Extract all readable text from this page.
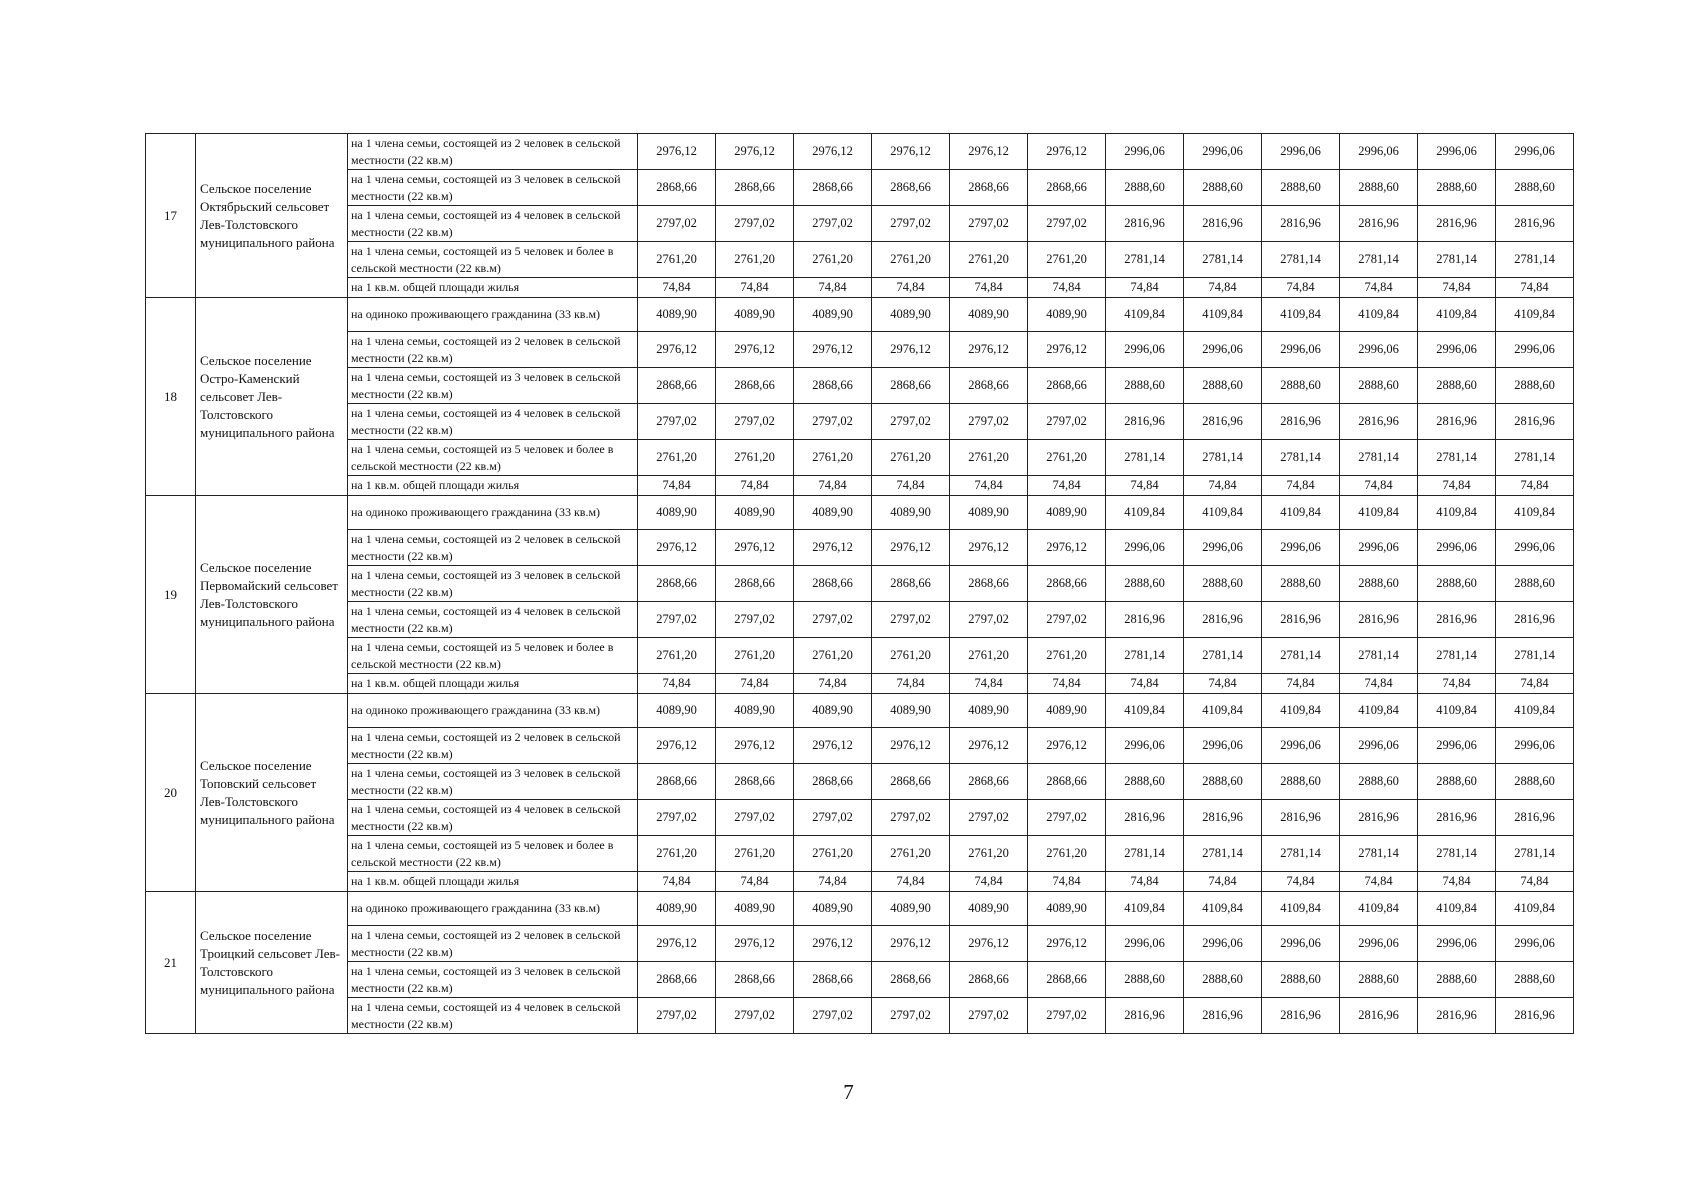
17	Сельское поселение Октябрьский сельсовет Лев-Толстовского муниципального района	на 1 члена семьи, состоящей из 2 человек в сельской местности (22 кв.м)	2976,12	2976,12	2976,12	2976,12	2976,12	2976,12	2996,06	2996,06	2996,06	2996,06	2996,06	2996,06
		на 1 члена семьи, состоящей из 3 человек в сельской местности (22 кв.м)	2868,66	2868,66	2868,66	2868,66	2868,66	2868,66	2888,60	2888,60	2888,60	2888,60	2888,60	2888,60
		на 1 члена семьи, состоящей из 4 человек в сельской местности (22 кв.м)	2797,02	2797,02	2797,02	2797,02	2797,02	2797,02	2816,96	2816,96	2816,96	2816,96	2816,96	2816,96
		на 1 члена семьи, состоящей из 5 человек и более в сельской местности (22 кв.м)	2761,20	2761,20	2761,20	2761,20	2761,20	2761,20	2781,14	2781,14	2781,14	2781,14	2781,14	2781,14
		на 1 кв.м. общей площади жилья	74,84	74,84	74,84	74,84	74,84	74,84	74,84	74,84	74,84	74,84	74,84	74,84
18	Сельское поселение Остро-Каменский сельсовет Лев-Толстовского муниципального района	на одиноко проживающего гражданина (33 кв.м)	4089,90	4089,90	4089,90	4089,90	4089,90	4089,90	4109,84	4109,84	4109,84	4109,84	4109,84	4109,84
		на 1 члена семьи, состоящей из 2 человек в сельской местности (22 кв.м)	2976,12	2976,12	2976,12	2976,12	2976,12	2976,12	2996,06	2996,06	2996,06	2996,06	2996,06	2996,06
		на 1 члена семьи, состоящей из 3 человек в сельской местности (22 кв.м)	2868,66	2868,66	2868,66	2868,66	2868,66	2868,66	2888,60	2888,60	2888,60	2888,60	2888,60	2888,60
		на 1 члена семьи, состоящей из 4 человек в сельской местности (22 кв.м)	2797,02	2797,02	2797,02	2797,02	2797,02	2797,02	2816,96	2816,96	2816,96	2816,96	2816,96	2816,96
		на 1 члена семьи, состоящей из 5 человек и более в сельской местности (22 кв.м)	2761,20	2761,20	2761,20	2761,20	2761,20	2761,20	2781,14	2781,14	2781,14	2781,14	2781,14	2781,14
		на 1 кв.м. общей площади жилья	74,84	74,84	74,84	74,84	74,84	74,84	74,84	74,84	74,84	74,84	74,84	74,84
19	Сельское поселение Первомайский сельсовет Лев-Толстовского муниципального района	на одиноко проживающего гражданина (33 кв.м)	4089,90	4089,90	4089,90	4089,90	4089,90	4089,90	4109,84	4109,84	4109,84	4109,84	4109,84	4109,84
		на 1 члена семьи, состоящей из 2 человек в сельской местности (22 кв.м)	2976,12	2976,12	2976,12	2976,12	2976,12	2976,12	2996,06	2996,06	2996,06	2996,06	2996,06	2996,06
		на 1 члена семьи, состоящей из 3 человек в сельской местности (22 кв.м)	2868,66	2868,66	2868,66	2868,66	2868,66	2868,66	2888,60	2888,60	2888,60	2888,60	2888,60	2888,60
		на 1 члена семьи, состоящей из 4 человек в сельской местности (22 кв.м)	2797,02	2797,02	2797,02	2797,02	2797,02	2797,02	2816,96	2816,96	2816,96	2816,96	2816,96	2816,96
		на 1 члена семьи, состоящей из 5 человек и более в сельской местности (22 кв.м)	2761,20	2761,20	2761,20	2761,20	2761,20	2761,20	2781,14	2781,14	2781,14	2781,14	2781,14	2781,14
		на 1 кв.м. общей площади жилья	74,84	74,84	74,84	74,84	74,84	74,84	74,84	74,84	74,84	74,84	74,84	74,84
20	Сельское поселение Топовский сельсовет Лев-Толстовского муниципального района	на одиноко проживающего гражданина (33 кв.м)	4089,90	4089,90	4089,90	4089,90	4089,90	4089,90	4109,84	4109,84	4109,84	4109,84	4109,84	4109,84
		на 1 члена семьи, состоящей из 2 человек в сельской местности (22 кв.м)	2976,12	2976,12	2976,12	2976,12	2976,12	2976,12	2996,06	2996,06	2996,06	2996,06	2996,06	2996,06
		на 1 члена семьи, состоящей из 3 человек в сельской местности (22 кв.м)	2868,66	2868,66	2868,66	2868,66	2868,66	2868,66	2888,60	2888,60	2888,60	2888,60	2888,60	2888,60
		на 1 члена семьи, состоящей из 4 человек в сельской местности (22 кв.м)	2797,02	2797,02	2797,02	2797,02	2797,02	2797,02	2816,96	2816,96	2816,96	2816,96	2816,96	2816,96
		на 1 члена семьи, состоящей из 5 человек и более в сельской местности (22 кв.м)	2761,20	2761,20	2761,20	2761,20	2761,20	2761,20	2781,14	2781,14	2781,14	2781,14	2781,14	2781,14
		на 1 кв.м. общей площади жилья	74,84	74,84	74,84	74,84	74,84	74,84	74,84	74,84	74,84	74,84	74,84	74,84
21	Сельское поселение Троицкий сельсовет Лев-Толстовского муниципального района	на одиноко проживающего гражданина (33 кв.м)	4089,90	4089,90	4089,90	4089,90	4089,90	4089,90	4109,84	4109,84	4109,84	4109,84	4109,84	4109,84
		на 1 члена семьи, состоящей из 2 человек в сельской местности (22 кв.м)	2976,12	2976,12	2976,12	2976,12	2976,12	2976,12	2996,06	2996,06	2996,06	2996,06	2996,06	2996,06
		на 1 члена семьи, состоящей из 3 человек в сельской местности (22 кв.м)	2868,66	2868,66	2868,66	2868,66	2868,66	2868,66	2888,60	2888,60	2888,60	2888,60	2888,60	2888,60
		на 1 члена семьи, состоящей из 4 человек в сельской местности (22 кв.м)	2797,02	2797,02	2797,02	2797,02	2797,02	2797,02	2816,96	2816,96	2816,96	2816,96	2816,96	2816,96
7
